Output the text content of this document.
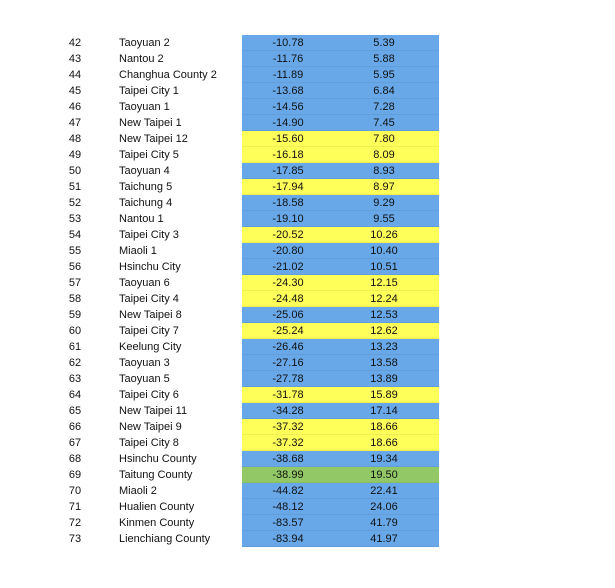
42	Taoyuan 2	-10.78	5.39
43	Nantou 2	-11.76	5.88
44	Changhua County 2	-11.89	5.95
45	Taipei City 1	-13.68	6.84
46	Taoyuan 1	-14.56	7.28
47	New Taipei 1	-14.90	7.45
48	New Taipei 12	-15.60	7.80
49	Taipei City 5	-16.18	8.09
50	Taoyuan 4	-17.85	8.93
51	Taichung 5	-17.94	8.97
52	Taichung 4	-18.58	9.29
53	Nantou 1	-19.10	9.55
54	Taipei City 3	-20.52	10.26
55	Miaoli 1	-20.80	10.40
56	Hsinchu City	-21.02	10.51
57	Taoyuan 6	-24.30	12.15
58	Taipei City 4	-24.48	12.24
59	New Taipei 8	-25.06	12.53
60	Taipei City 7	-25.24	12.62
61	Keelung City	-26.46	13.23
62	Taoyuan 3	-27.16	13.58
63	Taoyuan 5	-27.78	13.89
64	Taipei City 6	-31.78	15.89
65	New Taipei 11	-34.28	17.14
66	New Taipei 9	-37.32	18.66
67	Taipei City 8	-37.32	18.66
68	Hsinchu County	-38.68	19.34
69	Taitung County	-38.99	19.50
70	Miaoli 2	-44.82	22.41
71	Hualien County	-48.12	24.06
72	Kinmen County	-83.57	41.79
73	Lienchiang County	-83.94	41.97
